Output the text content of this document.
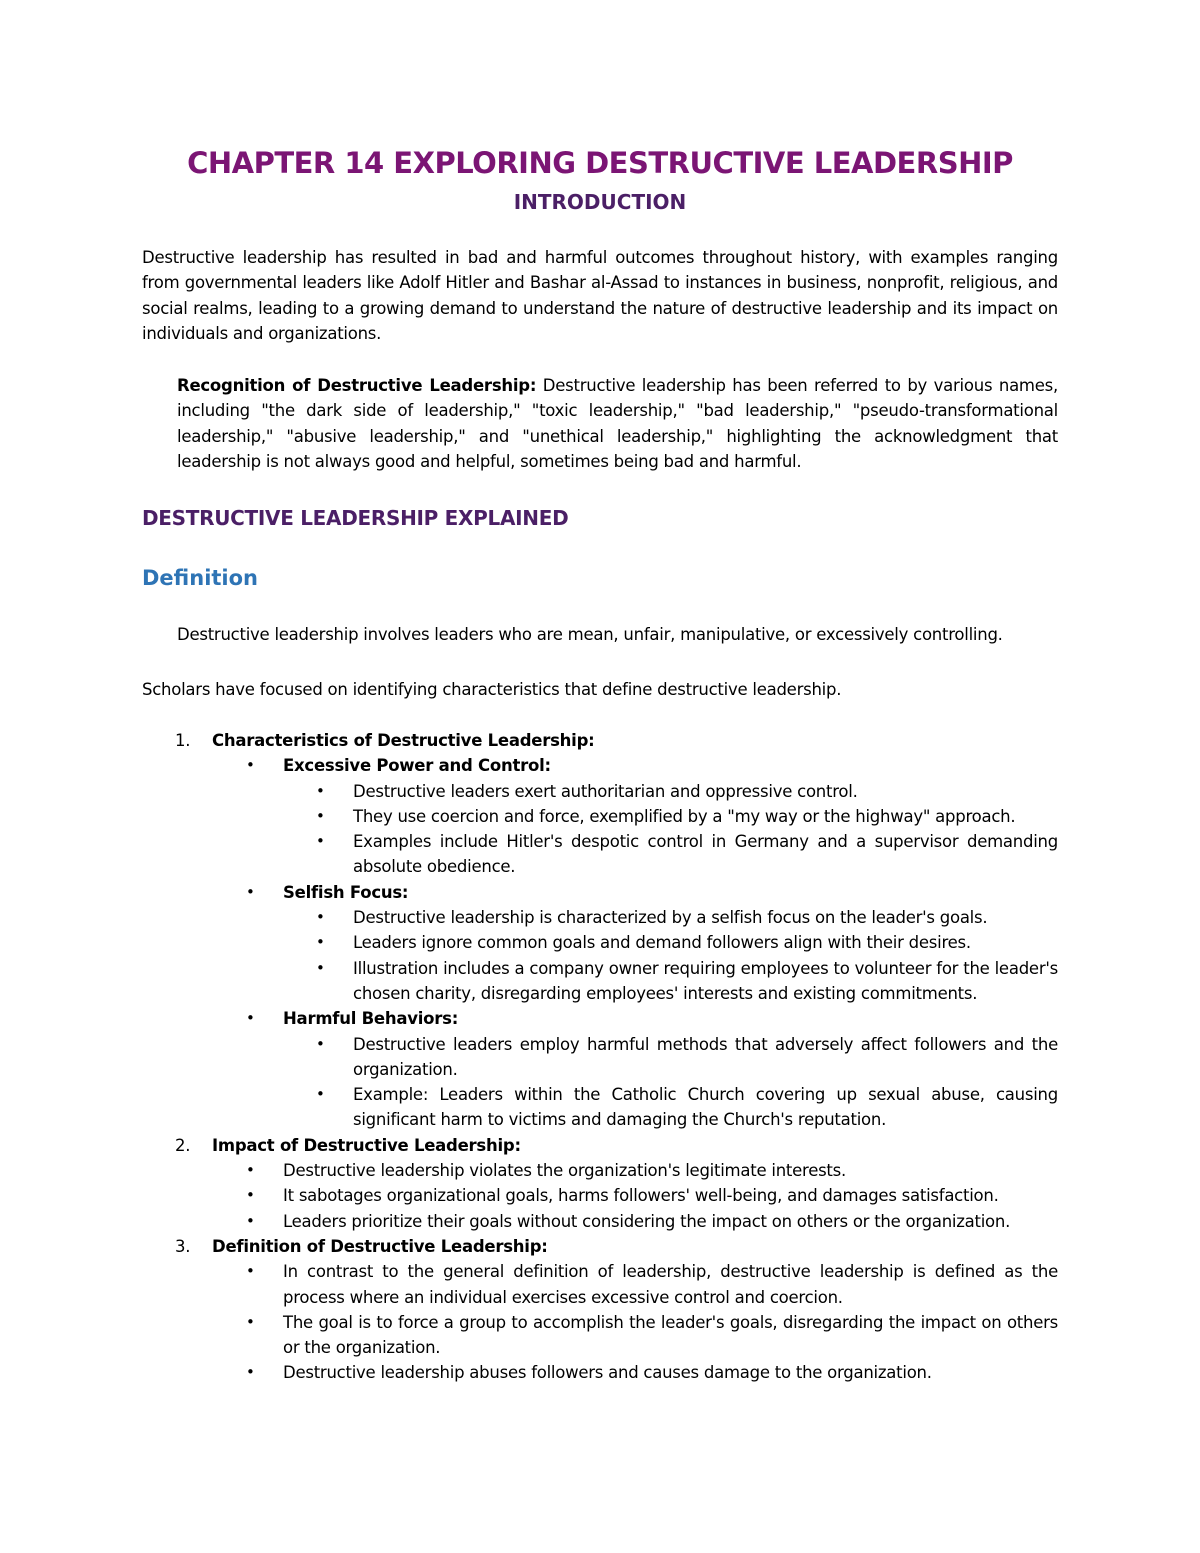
CHAPTER 14 EXPLORING DESTRUCTIVE LEADERSHIP
INTRODUCTION
Destructive leadership has resulted in bad and harmful outcomes throughout history, with examples ranging from governmental leaders like Adolf Hitler and Bashar al-Assad to instances in business, nonprofit, religious, and social realms, leading to a growing demand to understand the nature of destructive leadership and its impact on individuals and organizations.
Recognition of Destructive Leadership: Destructive leadership has been referred to by various names, including "the dark side of leadership," "toxic leadership," "bad leadership," "pseudo-transformational leadership," "abusive leadership," and "unethical leadership," highlighting the acknowledgment that leadership is not always good and helpful, sometimes being bad and harmful.
DESTRUCTIVE LEADERSHIP EXPLAINED
Definition
Destructive leadership involves leaders who are mean, unfair, manipulative, or excessively controlling.
Scholars have focused on identifying characteristics that define destructive leadership.
1. Characteristics of Destructive Leadership:
• Excessive Power and Control:
• Destructive leaders exert authoritarian and oppressive control.
• They use coercion and force, exemplified by a "my way or the highway" approach.
• Examples include Hitler's despotic control in Germany and a supervisor demanding absolute obedience.
• Selfish Focus:
• Destructive leadership is characterized by a selfish focus on the leader's goals.
• Leaders ignore common goals and demand followers align with their desires.
• Illustration includes a company owner requiring employees to volunteer for the leader's chosen charity, disregarding employees' interests and existing commitments.
• Harmful Behaviors:
• Destructive leaders employ harmful methods that adversely affect followers and the organization.
• Example: Leaders within the Catholic Church covering up sexual abuse, causing significant harm to victims and damaging the Church's reputation.
2. Impact of Destructive Leadership:
• Destructive leadership violates the organization's legitimate interests.
• It sabotages organizational goals, harms followers' well-being, and damages satisfaction.
• Leaders prioritize their goals without considering the impact on others or the organization.
3. Definition of Destructive Leadership:
• In contrast to the general definition of leadership, destructive leadership is defined as the process where an individual exercises excessive control and coercion.
• The goal is to force a group to accomplish the leader's goals, disregarding the impact on others or the organization.
• Destructive leadership abuses followers and causes damage to the organization.
